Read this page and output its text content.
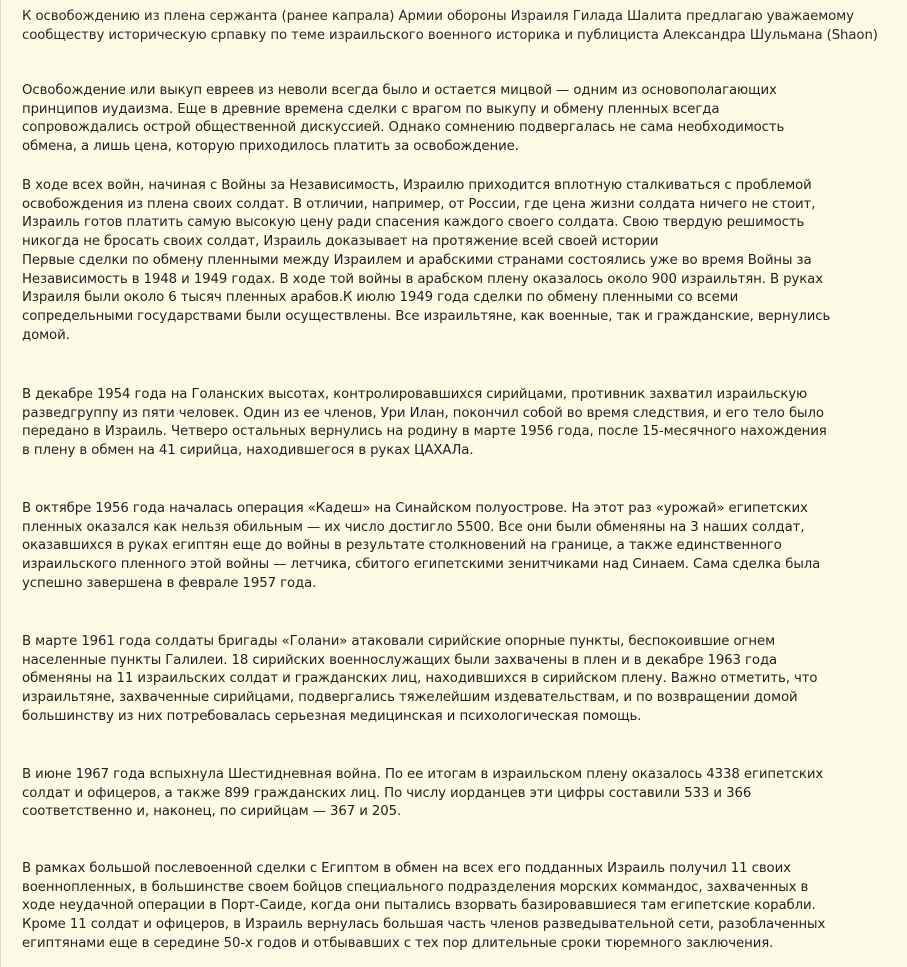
К освобождению из плена сержанта (ранее капрала) Армии обороны Израиля Гилада Шалита предлагаю уважаемому сообществу историческую српавку по теме израильского военного историка и публициста Александра Шульмана (Shaon)
Освобождение или выкуп евреев из неволи всегда было и остается мицвой — одним из основополагающих
принципов иудаизма. Еще в древние времена сделки с врагом по выкупу и обмену пленных всегда
сопровождались острой общественной дискуссией. Однако сомнению подвергалась не сама необходимость
обмена, а лишь цена, которую приходилось платить за освобождение.
В ходе всех войн, начиная с Войны за Независимость, Израилю приходится вплотную сталкиваться с проблемой
освобождения из плена своих солдат. В отличии, например, от России, где цена жизни солдата ничего не стоит,
Израиль готов платить самую высокую цену ради спасения каждого своего солдата. Свою твердую решимость
никогда не бросать своих солдат, Израиль доказывает на протяжение всей своей истории
Первые сделки по обмену пленными между Израилем и арабскими странами состоялись уже во время Войны за
Независимость в 1948 и 1949 годах. В ходе той войны в арабском плену оказалось около 900 израильтян. В руках
Израиля были около 6 тысяч пленных арабов.К июлю 1949 года сделки по обмену пленными со всеми
сопредельными государствами были осуществлены. Все израильтяне, как военные, так и гражданские, вернулись
домой.
В декабре 1954 года на Голанских высотах, контролировавшихся сирийцами, противник захватил израильскую
разведгруппу из пяти человек. Один из ее членов, Ури Илан, покончил собой во время следствия, и его тело было
передано в Израиль. Четверо остальных вернулись на родину в марте 1956 года, после 15-месячного нахождения
в плену в обмен на 41 сирийца, находившегося в руках ЦАХАЛа.
В октябре 1956 года началась операция «Кадеш» на Синайском полуострове. На этот раз «урожай» египетских
пленных оказался как нельзя обильным — их число достигло 5500. Все они были обменяны на 3 наших солдат,
оказавшихся в руках египтян еще до войны в результате столкновений на границе, а также единственного
израильского пленного этой войны — летчика, сбитого египетскими зенитчиками над Синаем. Сама сделка была
успешно завершена в феврале 1957 года.
В марте 1961 года солдаты бригады «Голани» атаковали сирийские опорные пункты, беспокоившие огнем
населенные пункты Галилеи. 18 сирийских военнослужащих были захвачены в плен и в декабре 1963 года
обменяны на 11 израильских солдат и гражданских лиц, находившихся в сирийском плену. Важно отметить, что
израильтяне, захваченные сирийцами, подвергались тяжелейшим издевательствам, и по возвращении домой
большинству из них потребовалась серьезная медицинская и психологическая помощь.
В июне 1967 года вспыхнула Шестидневная война. По ее итогам в израильском плену оказалось 4338 египетских
солдат и офицеров, а также 899 гражданских лиц. По числу иорданцев эти цифры составили 533 и 366
соответственно и, наконец, по сирийцам — 367 и 205.
В рамках большой послевоенной сделки с Египтом в обмен на всех его подданных Израиль получил 11 своих
военнопленных, в большинстве своем бойцов специального подразделения морских коммандос, захваченных в
ходе неудачной операции в Порт-Саиде, когда они пытались взорвать базировавшиеся там египетские корабли.
Кроме 11 солдат и офицеров, в Израиль вернулась большая часть членов разведывательной сети, разоблаченных
египтянами еще в середине 50-х годов и отбывавших с тех пор длительные сроки тюремного заключения.
